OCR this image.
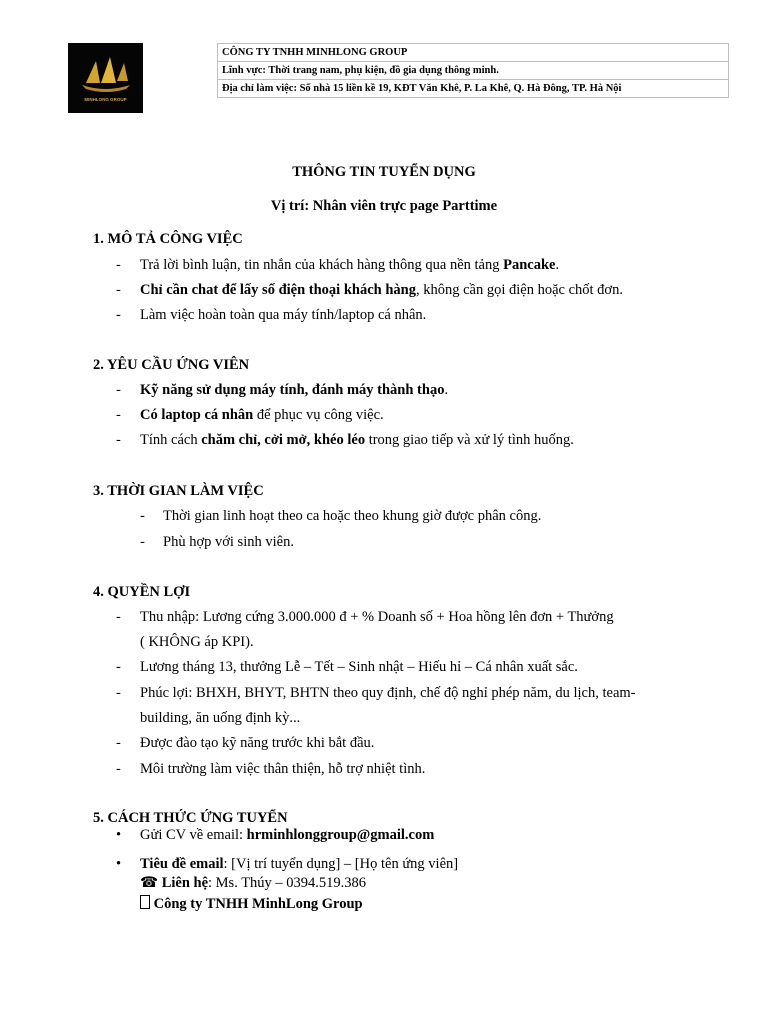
MINHLONG GROUP
CÔNG TY TNHH MINHLONG GROUP
Lĩnh vực: Thời trang nam, phụ kiện, đồ gia dụng thông minh.
Địa chỉ làm việc: Số nhà 15 liền kề 19, KĐT Văn Khê, P. La Khê, Q. Hà Đông, TP. Hà Nội
THÔNG TIN TUYỂN DỤNG
Vị trí: Nhân viên trực page Parttime
1. MÔ TẢ CÔNG VIỆC
- Trả lời bình luận, tin nhắn của khách hàng thông qua nền tảng Pancake.
- Chỉ cần chat để lấy số điện thoại khách hàng, không cần gọi điện hoặc chốt đơn.
- Làm việc hoàn toàn qua máy tính/laptop cá nhân.
2. YÊU CẦU ỨNG VIÊN
- Kỹ năng sử dụng máy tính, đánh máy thành thạo.
- Có laptop cá nhân để phục vụ công việc.
- Tính cách chăm chỉ, cởi mở, khéo léo trong giao tiếp và xử lý tình huống.
3. THỜI GIAN LÀM VIỆC
- Thời gian linh hoạt theo ca hoặc theo khung giờ được phân công.
- Phù hợp với sinh viên.
4. QUYỀN LỢI
- Thu nhập: Lương cứng 3.000.000 đ + % Doanh số + Hoa hồng lên đơn + Thưởng
( KHÔNG áp KPI).
- Lương tháng 13, thưởng Lễ – Tết – Sinh nhật – Hiếu hỉ – Cá nhân xuất sắc.
- Phúc lợi: BHXH, BHYT, BHTN theo quy định, chế độ nghỉ phép năm, du lịch, team-
building, ăn uống định kỳ...
- Được đào tạo kỹ năng trước khi bắt đầu.
- Môi trường làm việc thân thiện, hỗ trợ nhiệt tình.
5. CÁCH THỨC ỨNG TUYỂN
• Gửi CV về email: hrminhlonggroup@gmail.com
• Tiêu đề email: [Vị trí tuyển dụng] – [Họ tên ứng viên]
☎ Liên hệ: Ms. Thúy – 0394.519.386
Công ty TNHH MinhLong Group
